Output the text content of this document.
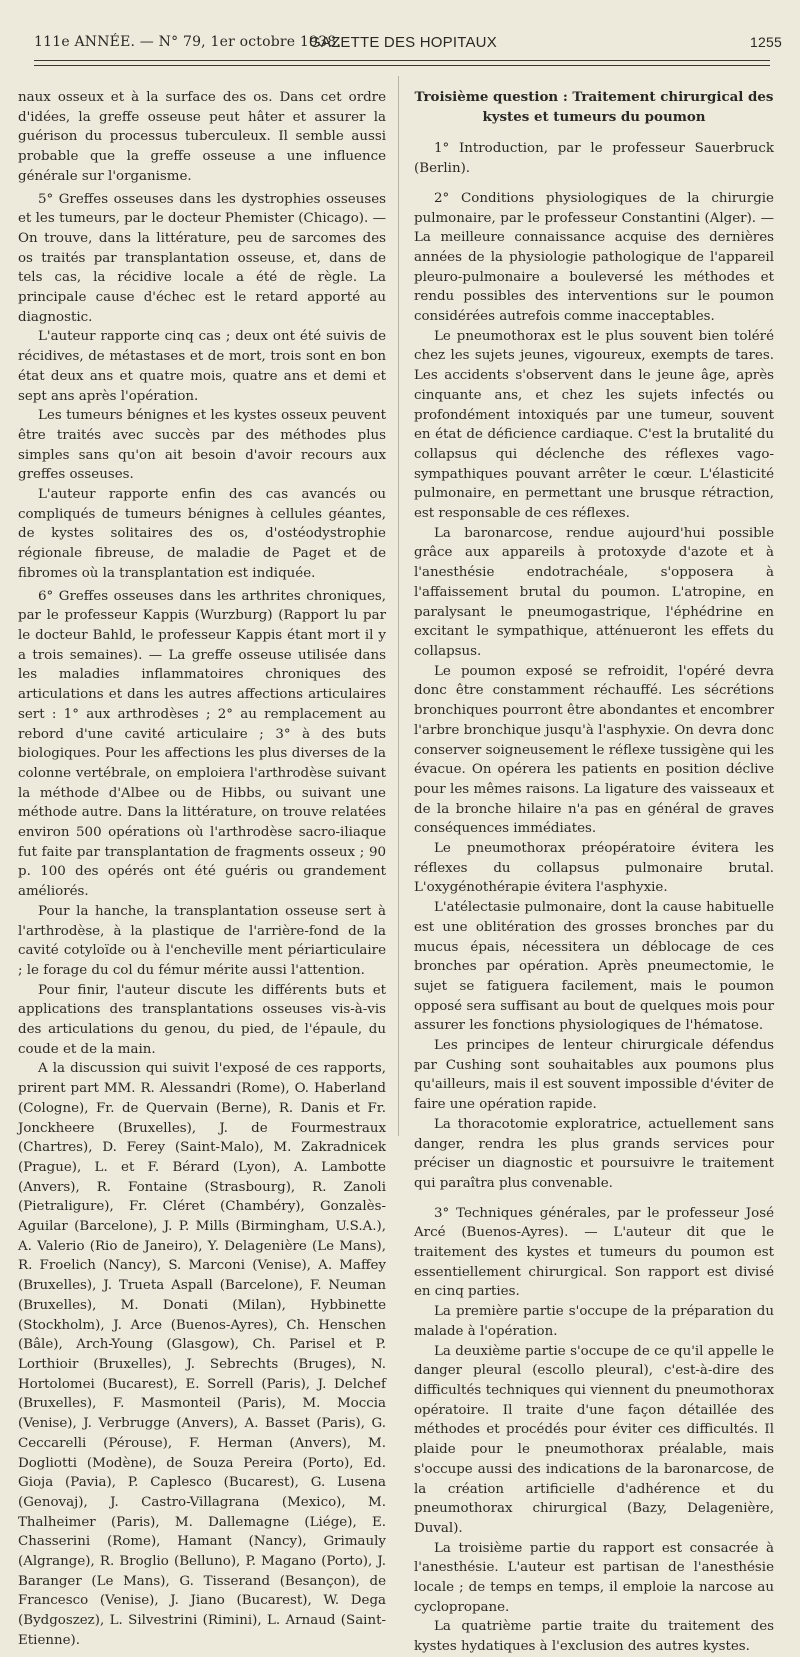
111e ANNÉE. — N° 79, 1er octobre 1938.
GAZETTE DES HOPITAUX	1255

naux osseux et à la surface des os. Dans cet ordre d'idées, la greffe osseuse peut hâter et assurer la guérison du processus tuberculeux. Il semble aussi probable que la greffe osseuse a une influence générale sur l'organisme.

5° Greffes osseuses dans les dystrophies osseuses et les tumeurs, par le docteur Phemister (Chicago). — On trouve, dans la littérature, peu de sarcomes des os traités par transplantation osseuse, et, dans de tels cas, la récidive locale a été de règle. La principale cause d'échec est le retard apporté au diagnostic.

L'auteur rapporte cinq cas ; deux ont été suivis de récidives, de métastases et de mort, trois sont en bon état deux ans et quatre mois, quatre ans et demi et sept ans après l'opération.

Les tumeurs bénignes et les kystes osseux peuvent être traités avec succès par des méthodes plus simples sans qu'on ait besoin d'avoir recours aux greffes osseuses.

L'auteur rapporte enfin des cas avancés ou compliqués de tumeurs bénignes à cellules géantes, de kystes solitaires des os, d'ostéodystrophie régionale fibreuse, de maladie de Paget et de fibromes où la transplantation est indiquée.

6° Greffes osseuses dans les arthrites chroniques, par le professeur Kappis (Wurzburg) (Rapport lu par le docteur Bahld, le professeur Kappis étant mort il y a trois semaines). — La greffe osseuse utilisée dans les maladies inflammatoires chroniques des articulations et dans les autres affections articulaires sert : 1° aux arthrodèses ; 2° au remplacement au rebord d'une cavité articulaire ; 3° à des buts biologiques. Pour les affections les plus diverses de la colonne vertébrale, on emploiera l'arthrodèse suivant la méthode d'Albee ou de Hibbs, ou suivant une méthode autre. Dans la littérature, on trouve relatées environ 500 opérations où l'arthrodèse sacro-iliaque fut faite par transplantation de fragments osseux ; 90 p. 100 des opérés ont été guéris ou grandement améliorés.

Pour la hanche, la transplantation osseuse sert à l'arthrodèse, à la plastique de l'arrière-fond de la cavité cotyloïde ou à l'encheville ment périarticulaire ; le forage du col du fémur mérite aussi l'attention.

Pour finir, l'auteur discute les différents buts et applications des transplantations osseuses vis-à-vis des articulations du genou, du pied, de l'épaule, du coude et de la main.

A la discussion qui suivit l'exposé de ces rapports, prirent part MM. R. Alessandri (Rome), O. Haberland (Cologne), Fr. de Quervain (Berne), R. Danis et Fr. Jonckheere (Bruxelles), J. de Fourmestraux (Chartres), D. Ferey (Saint-Malo), M. Zakradnicek (Prague), L. et F. Bérard (Lyon), A. Lambotte (Anvers), R. Fontaine (Strasbourg), R. Zanoli (Pietraligure), Fr. Cléret (Chambéry), Gonzalès-Aguilar (Barcelone), J. P. Mills (Birmingham, U.S.A.), A. Valerio (Rio de Janeiro), Y. Delagenière (Le Mans), R. Froelich (Nancy), S. Marconi (Venise), A. Maffey (Bruxelles), J. Trueta Aspall (Barcelone), F. Neuman (Bruxelles), M. Donati (Milan), Hybbinette (Stockholm), J. Arce (Buenos-Ayres), Ch. Henschen (Bâle), Arch-Young (Glasgow), Ch. Parisel et P. Lorthioir (Bruxelles), J. Sebrechts (Bruges), N. Hortolomei (Bucarest), E. Sorrell (Paris), J. Delchef (Bruxelles), F. Masmonteil (Paris), M. Moccia (Venise), J. Verbrugge (Anvers), A. Basset (Paris), G. Ceccarelli (Pérouse), F. Herman (Anvers), M. Dogliotti (Modène), de Souza Pereira (Porto), Ed. Gioja (Pavia), P. Caplesco (Bucarest), G. Lusena (Genovaj), J. Castro-Villagrana (Mexico), M. Thalheimer (Paris), M. Dallemagne (Liége), E. Chasserini (Rome), Hamant (Nancy), Grimauly (Algrange), R. Broglio (Belluno), P. Magano (Porto), J. Baranger (Le Mans), G. Tisserand (Besançon), de Francesco (Venise), J. Jiano (Bucarest), W. Dega (Bydgoszez), L. Silvestrini (Rimini), L. Arnaud (Saint-Etienne).

Troisième question : Traitement chirurgical des kystes et tumeurs du poumon

1° Introduction, par le professeur Sauerbruck (Berlin).

2° Conditions physiologiques de la chirurgie pulmonaire, par le professeur Constantini (Alger). — La meilleure connaissance acquise des dernières années de la physiologie pathologique de l'appareil pleuro-pulmonaire a bouleversé les méthodes et rendu possibles des interventions sur le poumon considérées autrefois comme inacceptables.

Le pneumothorax est le plus souvent bien toléré chez les sujets jeunes, vigoureux, exempts de tares. Les accidents s'observent dans le jeune âge, après cinquante ans, et chez les sujets infectés ou profondément intoxiqués par une tumeur, souvent en état de déficience cardiaque. C'est la brutalité du collapsus qui déclenche des réflexes vago-sympathiques pouvant arrêter le cœur. L'élasticité pulmonaire, en permettant une brusque rétraction, est responsable de ces réflexes.

La baronarcose, rendue aujourd'hui possible grâce aux appareils à protoxyde d'azote et à l'anesthésie endotrachéale, s'opposera à l'affaissement brutal du poumon. L'atropine, en paralysant le pneumogastrique, l'éphédrine en excitant le sympathique, atténueront les effets du collapsus.

Le poumon exposé se refroidit, l'opéré devra donc être constamment réchauffé. Les sécrétions bronchiques pourront être abondantes et encombrer l'arbre bronchique jusqu'à l'asphyxie. On devra donc conserver soigneusement le réflexe tussigène qui les évacue. On opérera les patients en position déclive pour les mêmes raisons. La ligature des vaisseaux et de la bronche hilaire n'a pas en général de graves conséquences immédiates.

Le pneumothorax préopératoire évitera les réflexes du collapsus pulmonaire brutal. L'oxygénothérapie évitera l'asphyxie.

L'atélectasie pulmonaire, dont la cause habituelle est une oblitération des grosses bronches par du mucus épais, nécessitera un déblocage de ces bronches par opération. Après pneumectomie, le sujet se fatiguera facilement, mais le poumon opposé sera suffisant au bout de quelques mois pour assurer les fonctions physiologiques de l'hématose.

Les principes de lenteur chirurgicale défendus par Cushing sont souhaitables aux poumons plus qu'ailleurs, mais il est souvent impossible d'éviter de faire une opération rapide.

La thoracotomie exploratrice, actuellement sans danger, rendra les plus grands services pour préciser un diagnostic et poursuivre le traitement qui paraîtra plus convenable.

3° Techniques générales, par le professeur José Arcé (Buenos-Ayres). — L'auteur dit que le traitement des kystes et tumeurs du poumon est essentiellement chirurgical. Son rapport est divisé en cinq parties.

La première partie s'occupe de la préparation du malade à l'opération.

La deuxième partie s'occupe de ce qu'il appelle le danger pleural (escollo pleural), c'est-à-dire des difficultés techniques qui viennent du pneumothorax opératoire. Il traite d'une façon détaillée des méthodes et procédés pour éviter ces difficultés. Il plaide pour le pneumothorax préalable, mais s'occupe aussi des indications de la baronarcose, de la création artificielle d'adhérence et du pneumothorax chirurgical (Bazy, Delagenière, Duval).

La troisième partie du rapport est consacrée à l'anesthésie. L'auteur est partisan de l'anesthésie locale ; de temps en temps, il emploie la narcose au cyclopropane.

La quatrième partie traite du traitement des kystes hydatiques à l'exclusion des autres kystes.
